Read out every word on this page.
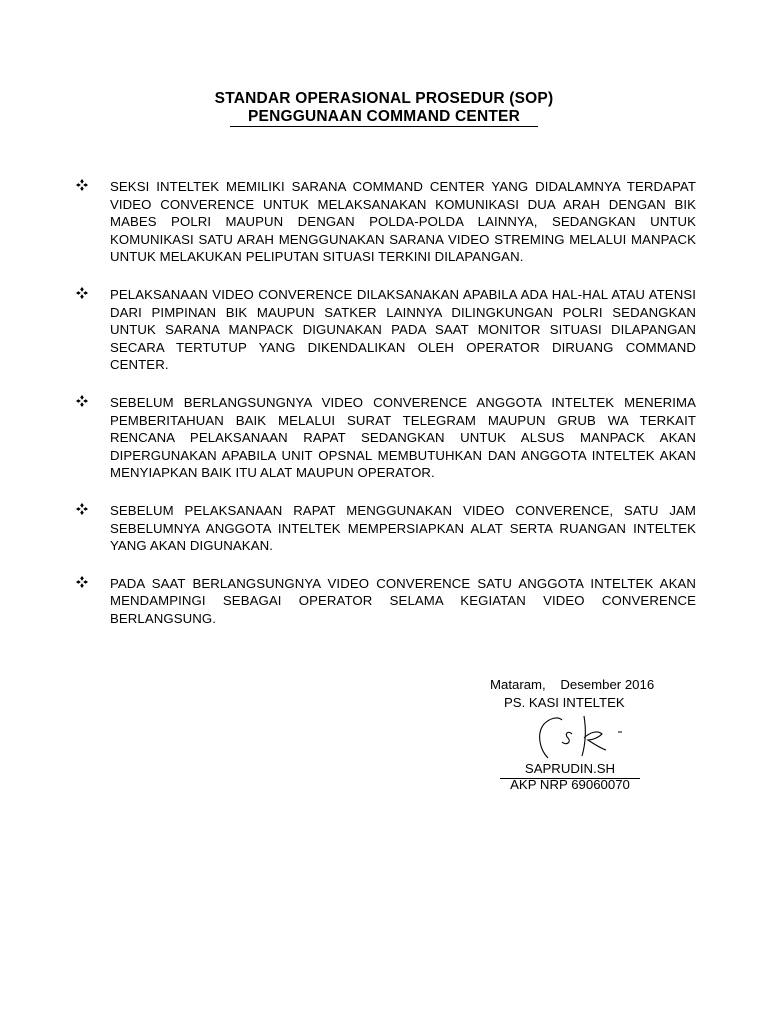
STANDAR OPERASIONAL PROSEDUR (SOP)
PENGGUNAAN COMMAND CENTER
SEKSI INTELTEK MEMILIKI SARANA COMMAND CENTER YANG DIDALAMNYA TERDAPAT VIDEO CONVERENCE UNTUK MELAKSANAKAN KOMUNIKASI DUA ARAH DENGAN BIK MABES POLRI MAUPUN DENGAN POLDA-POLDA LAINNYA, SEDANGKAN UNTUK KOMUNIKASI SATU ARAH MENGGUNAKAN SARANA VIDEO STREMING MELALUI MANPACK UNTUK MELAKUKAN PELIPUTAN SITUASI TERKINI DILAPANGAN.
PELAKSANAAN VIDEO CONVERENCE DILAKSANAKAN APABILA ADA HAL-HAL ATAU ATENSI DARI PIMPINAN BIK MAUPUN SATKER LAINNYA DILINGKUNGAN POLRI SEDANGKAN UNTUK SARANA MANPACK DIGUNAKAN PADA SAAT MONITOR SITUASI DILAPANGAN SECARA TERTUTUP YANG DIKENDALIKAN OLEH OPERATOR DIRUANG COMMAND CENTER.
SEBELUM BERLANGSUNGNYA VIDEO CONVERENCE ANGGOTA INTELTEK MENERIMA PEMBERITAHUAN BAIK MELALUI SURAT TELEGRAM MAUPUN GRUB WA TERKAIT RENCANA PELAKSANAAN RAPAT SEDANGKAN UNTUK ALSUS MANPACK AKAN DIPERGUNAKAN APABILA UNIT OPSNAL MEMBUTUHKAN DAN ANGGOTA INTELTEK AKAN MENYIAPKAN BAIK ITU ALAT MAUPUN OPERATOR.
SEBELUM PELAKSANAAN RAPAT MENGGUNAKAN VIDEO CONVERENCE, SATU JAM SEBELUMNYA ANGGOTA INTELTEK MEMPERSIAPKAN ALAT SERTA RUANGAN INTELTEK YANG AKAN DIGUNAKAN.
PADA SAAT BERLANGSUNGNYA VIDEO CONVERENCE SATU ANGGOTA INTELTEK AKAN MENDAMPINGI SEBAGAI OPERATOR SELAMA KEGIATAN VIDEO CONVERENCE BERLANGSUNG.
Mataram,    Desember 2016
PS. KASI INTELTEK
SAPRUDIN.SH
AKP NRP 69060070
